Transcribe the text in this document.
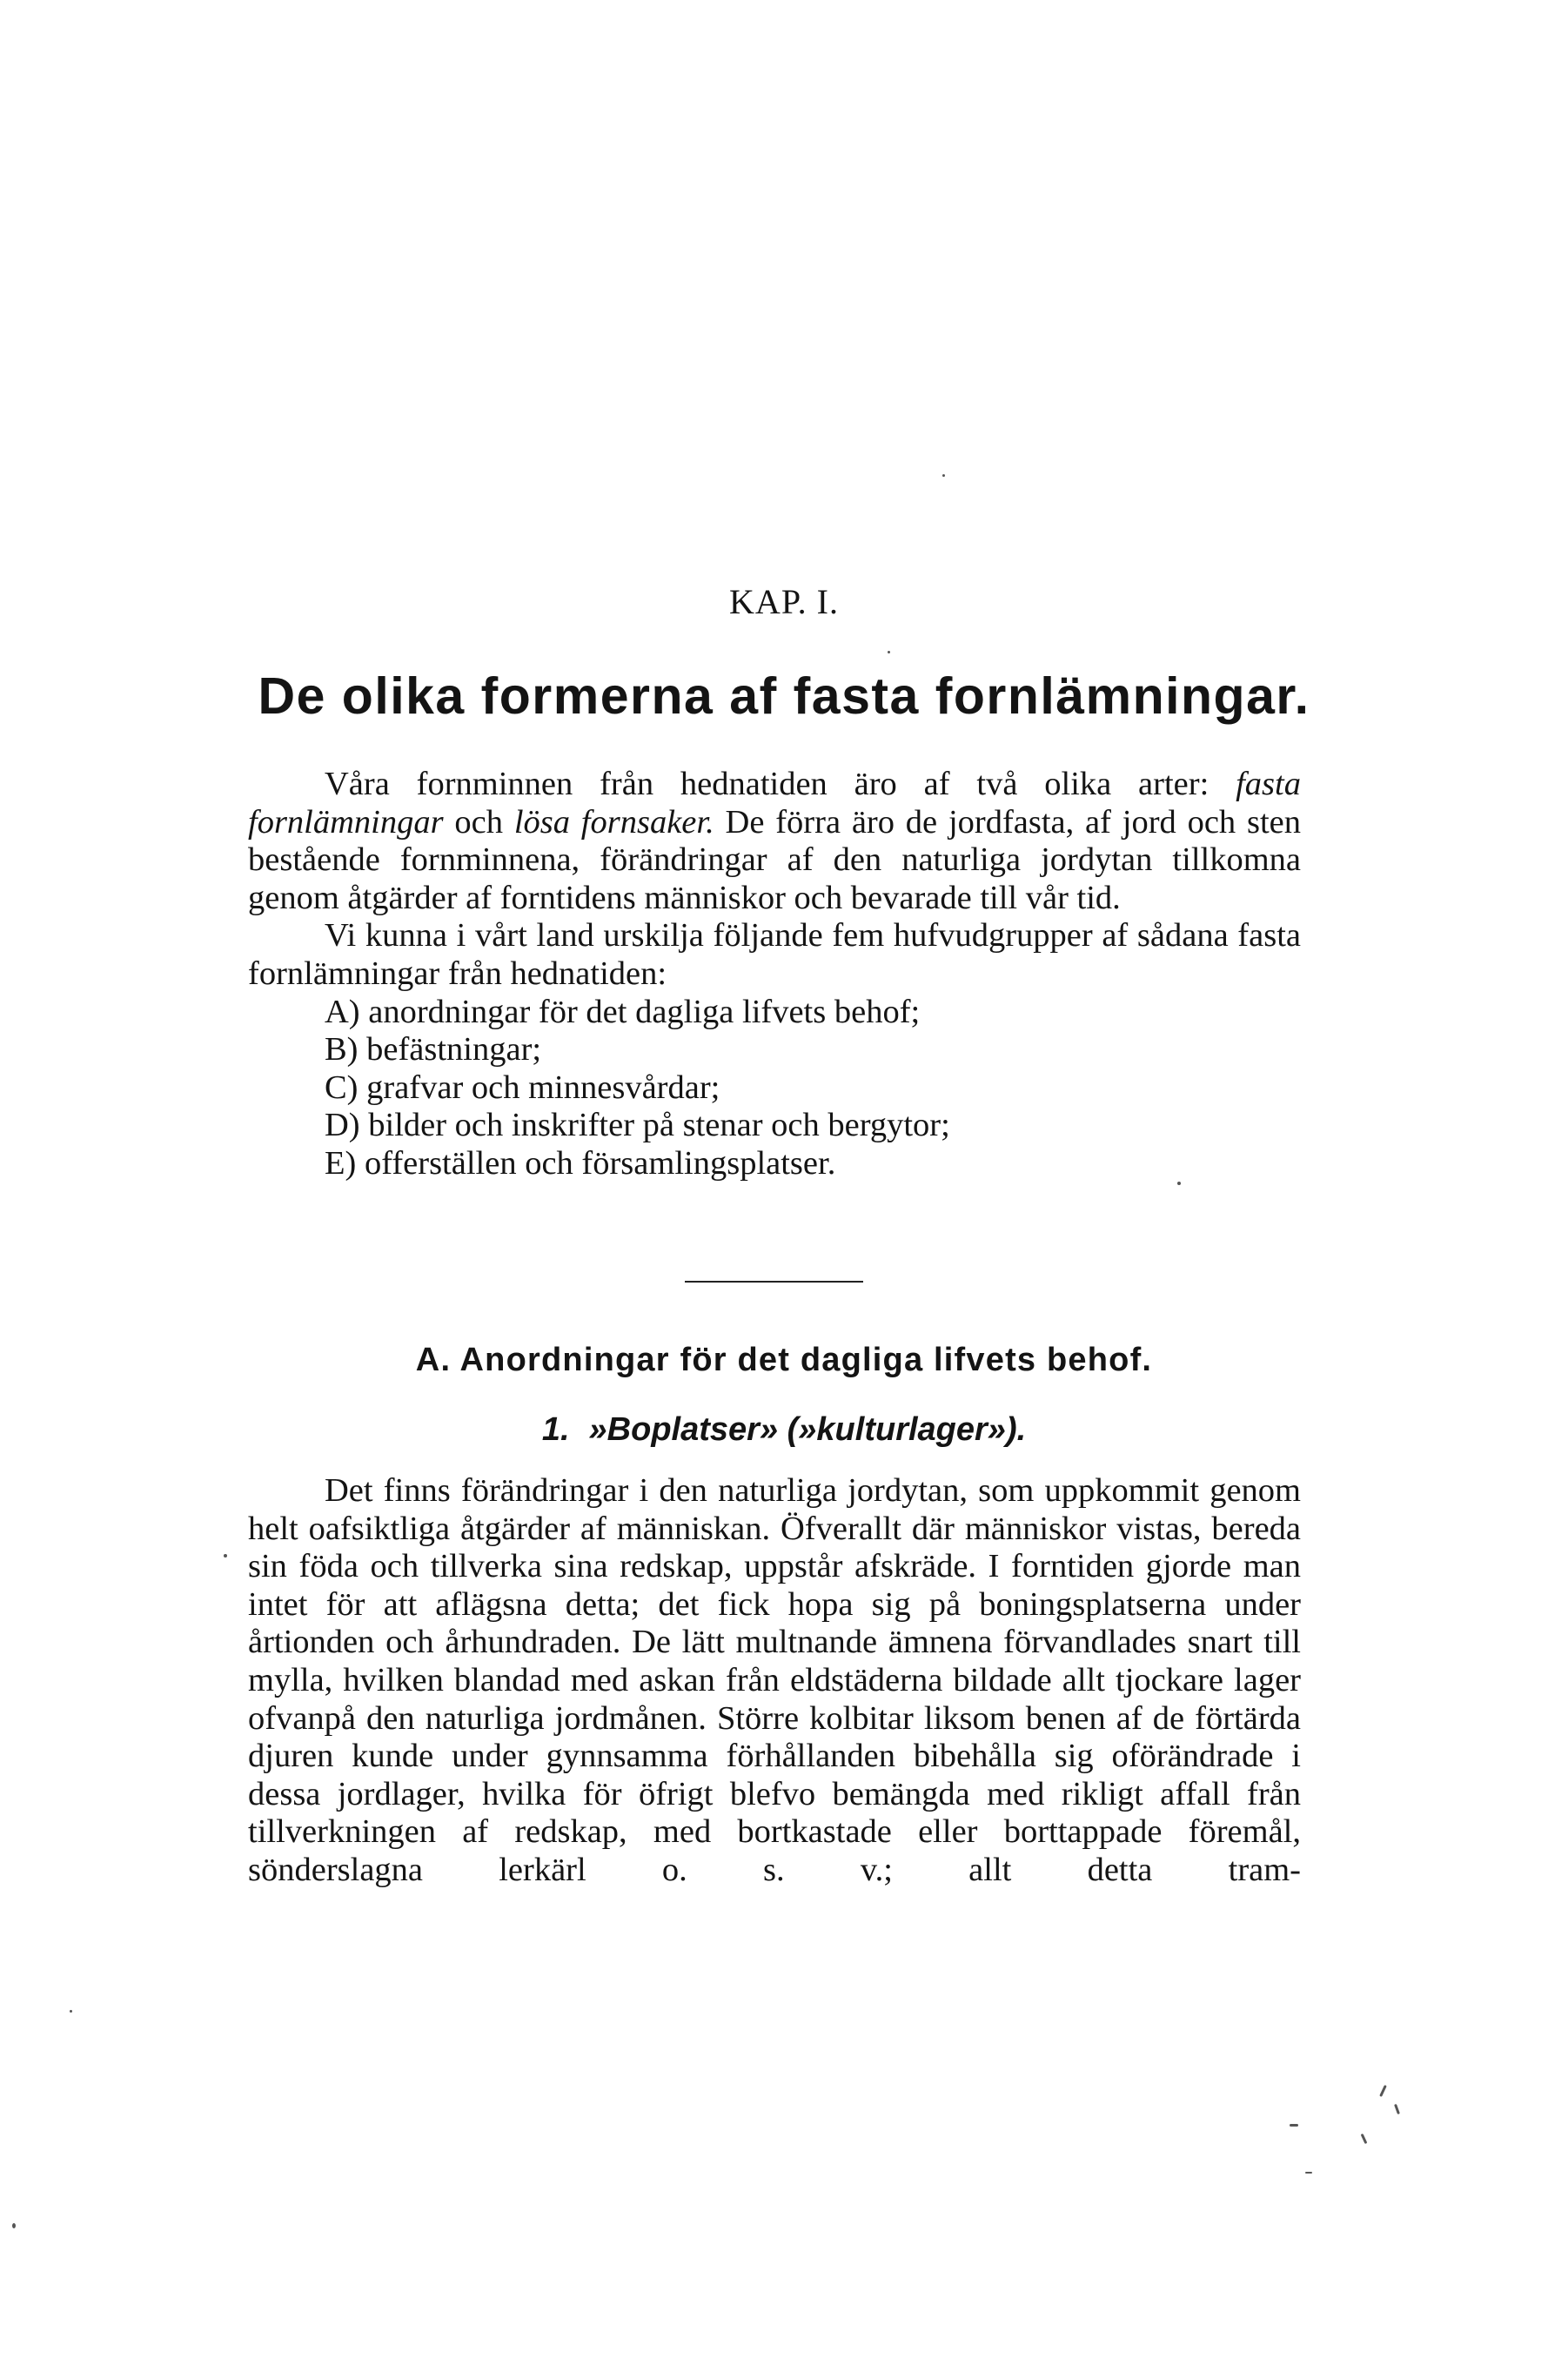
KAP. I.
De olika formerna af fasta fornlämningar.

Våra fornminnen från hednatiden äro af två olika arter: fasta fornlämningar och lösa fornsaker. De förra äro de jordfasta, af jord och sten bestående fornminnena, förändringar af den naturliga jordytan tillkomna genom åtgärder af forntidens människor och bevarade till vår tid.

Vi kunna i vårt land urskilja följande fem hufvudgrupper af sådana fasta fornlämningar från hednatiden:

A) anordningar för det dagliga lifvets behof;
B) befästningar;
C) grafvar och minnesvårdar;
D) bilder och inskrifter på stenar och bergytor;
E) offerställen och församlingsplatser.
A. Anordningar för det dagliga lifvets behof.
1. »Boplatser» (»kulturlager»).

Det finns förändringar i den naturliga jordytan, som uppkommit genom helt oafsiktliga åtgärder af människan. Öfverallt där människor vistas, bereda sin föda och tillverka sina redskap, uppstår afskräde. I forntiden gjorde man intet för att aflägsna detta; det fick hopa sig på boningsplatserna under årtionden och århundraden. De lätt multnande ämnena förvandlades snart till mylla, hvilken blandad med askan från eldstäderna bildade allt tjockare lager ofvanpå den naturliga jordmånen. Större kolbitar liksom benen af de förtärda djuren kunde under gynnsamma förhållanden bibehålla sig oförändrade i dessa jordlager, hvilka för öfrigt blefvo bemängda med rikligt affall från tillverkningen af redskap, med bortkastade eller borttappade föremål, sönderslagna lerkärl o. s. v.; allt detta tram-
